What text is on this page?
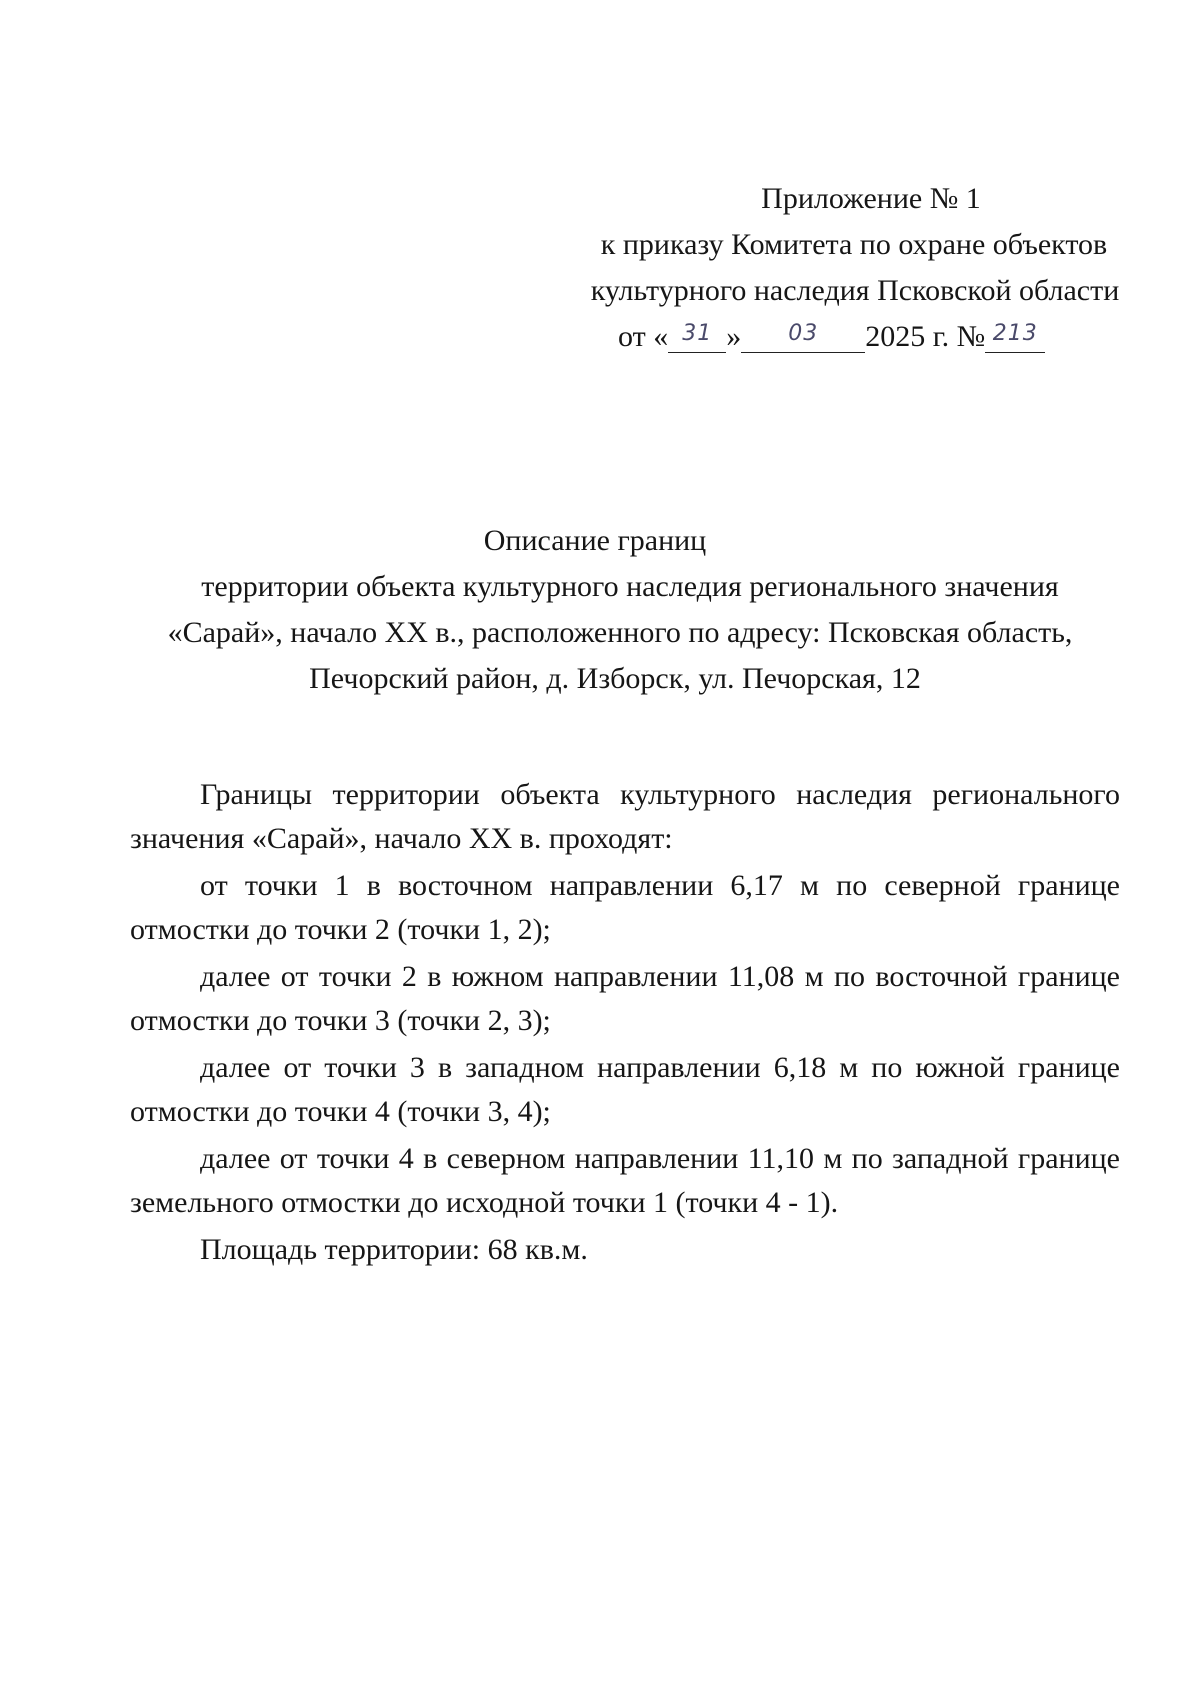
Приложение № 1
к приказу Комитета по охране объектов
культурного наследия Псковской области
от « $^{31}$ » $^{03}$ 2025 г. № $^{213}$
Описание границ
территории объекта культурного наследия регионального значения
«Сарай», начало ХХ в., расположенного по адресу: Псковская область,
Печорский район, д. Изборск, ул. Печорская, 12

Границы территории объекта культурного наследия регионального значения «Сарай», начало ХХ в. проходят:

от точки 1 в восточном направлении 6,17 м по северной границе отмостки до точки 2 (точки 1, 2);

далее от точки 2 в южном направлении 11,08 м по восточной границе отмостки до точки 3 (точки 2, 3);

далее от точки 3 в западном направлении 6,18 м по южной границе отмостки до точки 4 (точки 3, 4);

далее от точки 4 в северном направлении 11,10 м по западной границе земельного отмостки до исходной точки 1 (точки 4 - 1).

Площадь территории: 68 кв.м.
